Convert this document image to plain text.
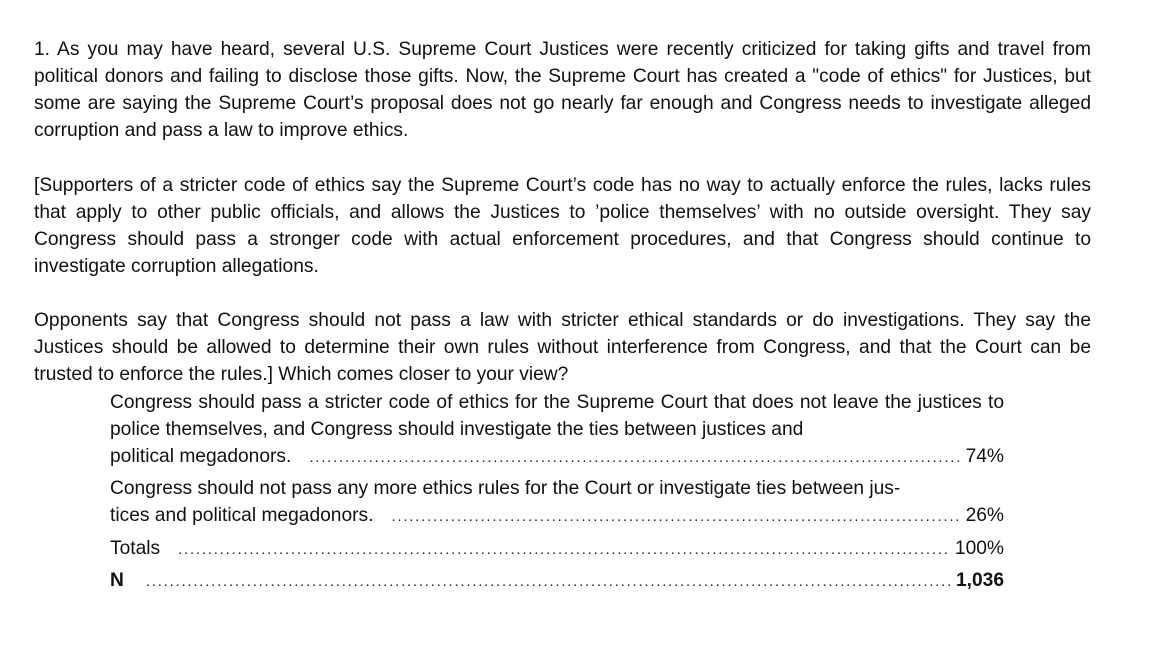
1. As you may have heard, several U.S. Supreme Court Justices were recently criticized for taking gifts and travel from political donors and failing to disclose those gifts. Now, the Supreme Court has created a "code of ethics" for Justices, but some are saying the Supreme Court’s proposal does not go nearly far enough and Congress needs to investigate alleged corruption and pass a law to improve ethics.

[Supporters of a stricter code of ethics say the Supreme Court’s code has no way to actually enforce the rules, lacks rules that apply to other public officials, and allows the Justices to ’police themselves’ with no outside oversight. They say Congress should pass a stronger code with actual enforcement procedures, and that Congress should continue to investigate corruption allegations.

Opponents say that Congress should not pass a law with stricter ethical standards or do investigations. They say the Justices should be allowed to determine their own rules without interference from Congress, and that the Court can be trusted to enforce the rules.] Which comes closer to your view?

Congress should pass a stricter code of ethics for the Supreme Court that does not leave the justices to police themselves, and Congress should investigate the ties between justices and
political megadonors. . . .	74%
Congress should not pass any more ethics rules for the Court or investigate ties between jus-
tices and political megadonors. . . .	26%
Totals . . .	100%
N . . .	1,036
